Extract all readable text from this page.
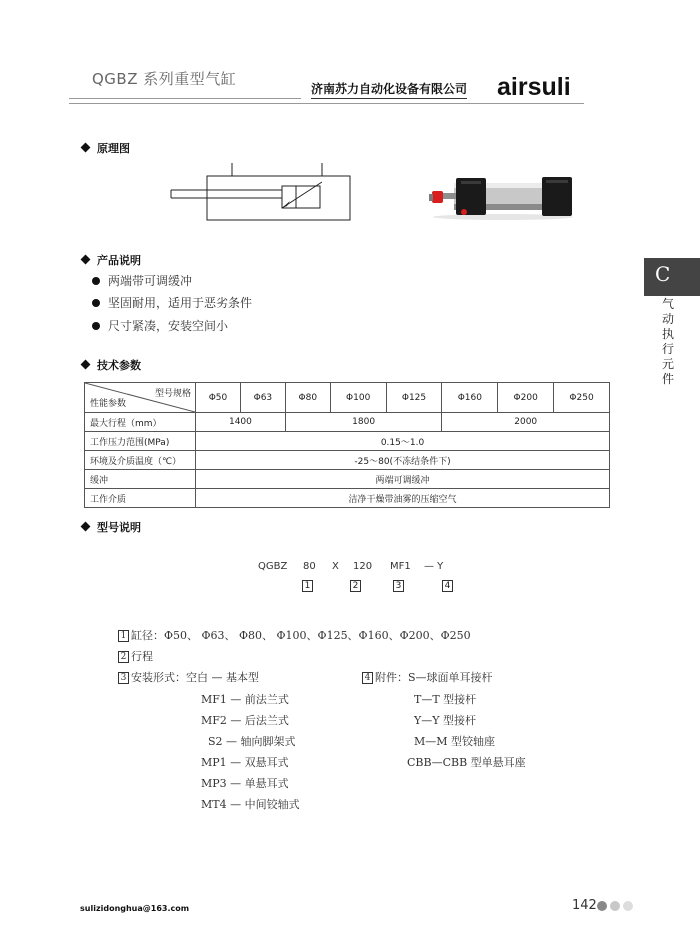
QGBZ 系列重型气缸
济南苏力自动化设备有限公司 airsuli
C
气
动
执
行
元
件
原理图
产品说明
两端带可调缓冲
坚固耐用，适用于恶劣条件
尺寸紧凑，安装空间小
技术参数
型号规格
性能参数	Φ50	Φ63	Φ80	Φ100	Φ125	Φ160	Φ200	Φ250
最大行程（mm）	1400		1800			2000		
工作压力范围(MPa)	0.15～1.0							
环境及介质温度（℃）	-25～80(不冻结条件下)							
缓冲	两端可调缓冲							
工作介质	洁净干燥带油雾的压缩空气							
型号说明
QGBZ 80 X 120 MF1 — Y
1	2	3	4
1 缸径：Φ50、 Φ63、 Φ80、 Φ100、Φ125、Φ160、Φ200、Φ250
2 行程
3 安装形式：空白 — 基本型
MF1 — 前法兰式
MF2 — 后法兰式
S2 — 轴向脚架式
MP1 — 双悬耳式
MP3 — 单悬耳式
MT4 — 中间铰轴式
4 附件：S—球面单耳接杆
T—T 型接杆
Y—Y 型接杆
M—M 型铰轴座
CBB—CBB 型单悬耳座
sulizidonghua@163.com	142
